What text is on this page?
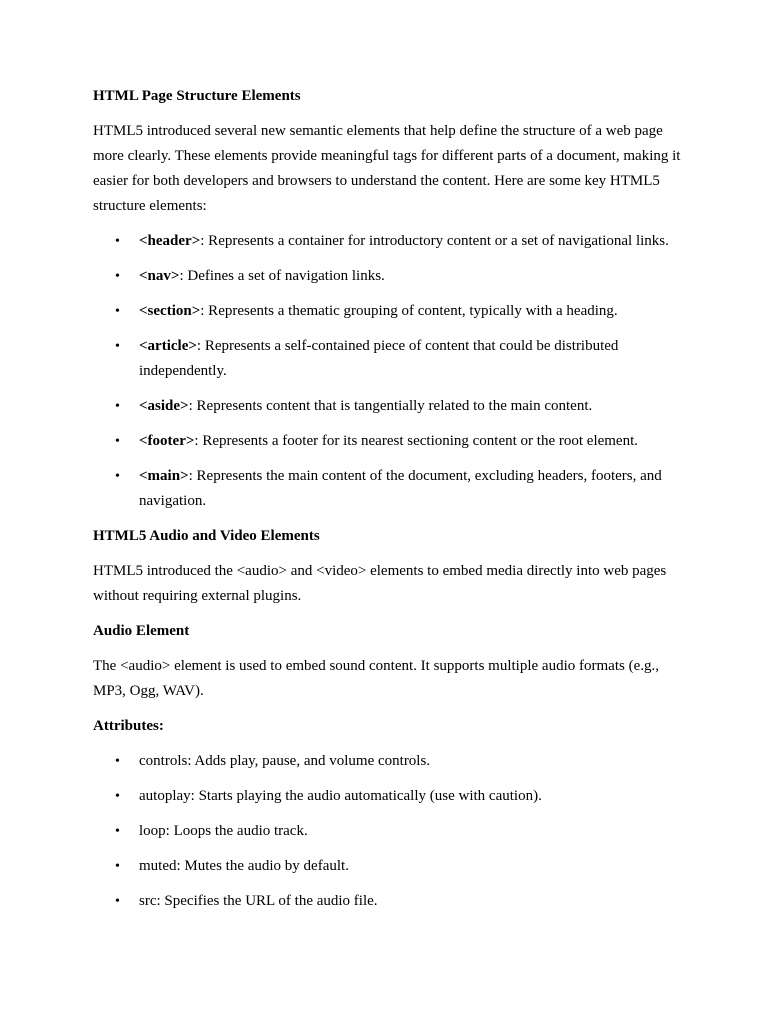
HTML Page Structure Elements
HTML5 introduced several new semantic elements that help define the structure of a web page more clearly. These elements provide meaningful tags for different parts of a document, making it easier for both developers and browsers to understand the content. Here are some key HTML5 structure elements:
• <header>: Represents a container for introductory content or a set of navigational links.
• <nav>: Defines a set of navigation links.
• <section>: Represents a thematic grouping of content, typically with a heading.
• <article>: Represents a self-contained piece of content that could be distributed independently.
• <aside>: Represents content that is tangentially related to the main content.
• <footer>: Represents a footer for its nearest sectioning content or the root element.
• <main>: Represents the main content of the document, excluding headers, footers, and navigation.
HTML5 Audio and Video Elements
HTML5 introduced the <audio> and <video> elements to embed media directly into web pages without requiring external plugins.
Audio Element
The <audio> element is used to embed sound content. It supports multiple audio formats (e.g., MP3, Ogg, WAV).
Attributes:
• controls: Adds play, pause, and volume controls.
• autoplay: Starts playing the audio automatically (use with caution).
• loop: Loops the audio track.
• muted: Mutes the audio by default.
• src: Specifies the URL of the audio file.
